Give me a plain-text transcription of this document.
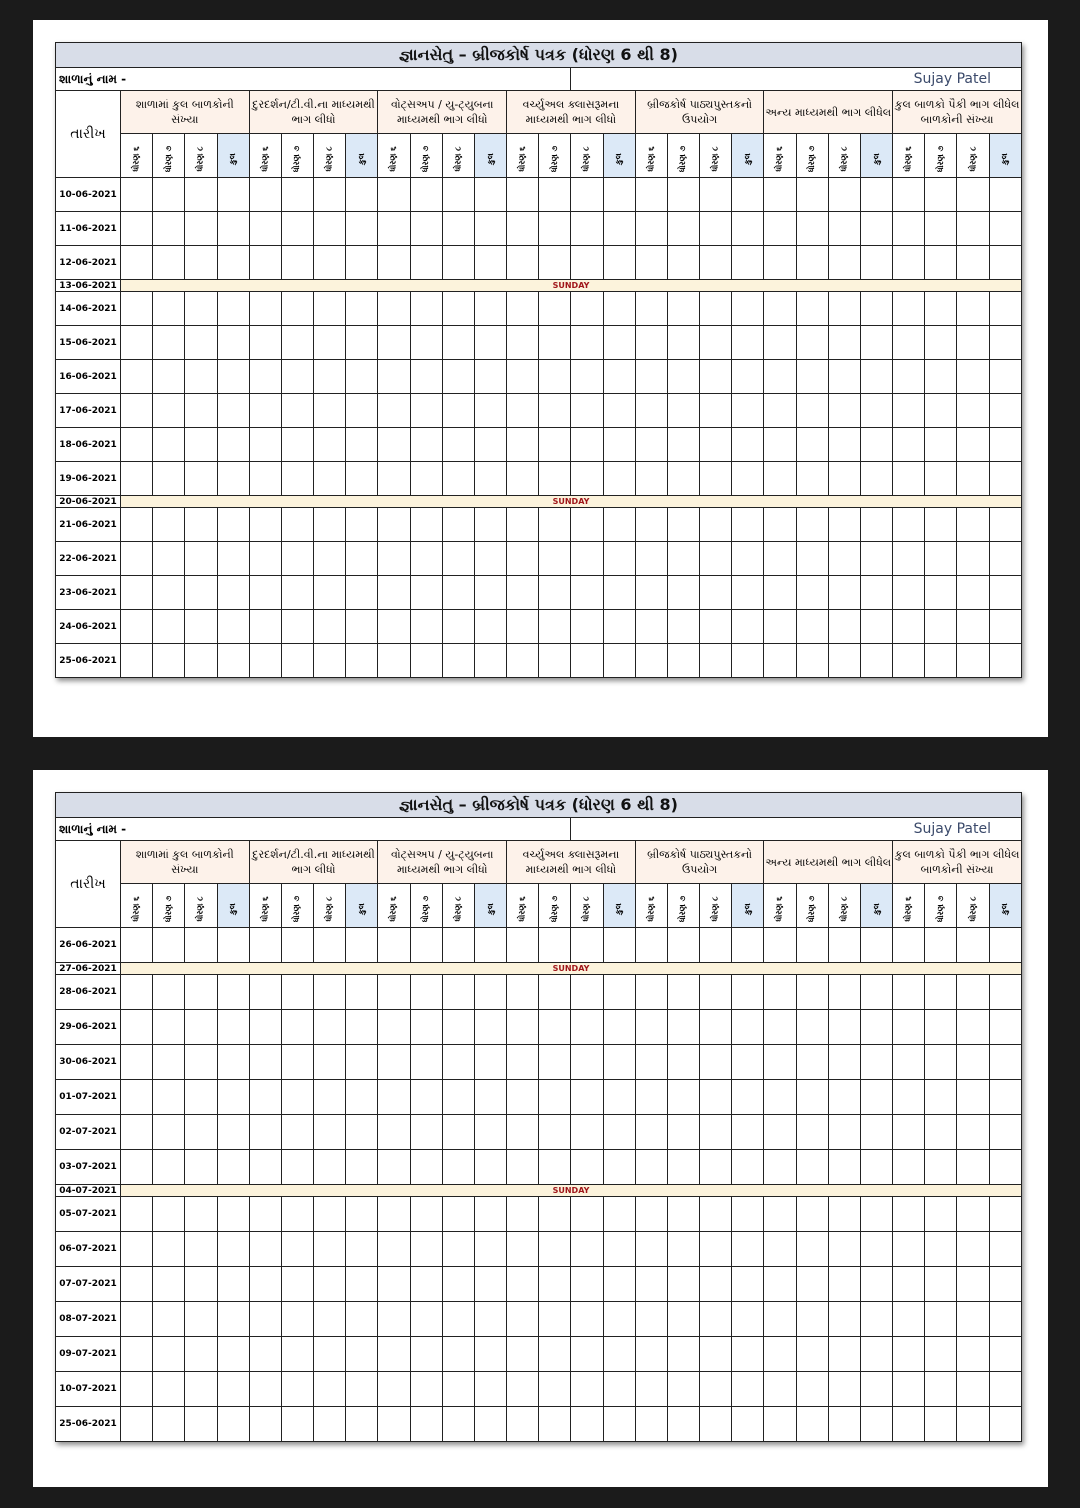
જ્ઞાનસેતુ – બ્રીજકોર્ષ પત્રક (ધોરણ 6 થી 8)																												
શાળાનું નામ -															Sujay Patel													
તારીખ	શાળામાં કુલ બાળકોની સંખ્યા				દુરદર્શન/ટી.વી.ના માધ્યમથી ભાગ લીધો				વોટ્સઅપ / યુ-ટ્યુબના માધ્યમથી ભાગ લીધો				વર્ચ્યુઅલ ક્લાસરૂમના માધ્યમથી ભાગ લીધો				બ્રીજકોર્ષ પાઠ્યપુસ્તકનો ઉપયોગ				અન્ય માધ્યમથી ભાગ લીધેલ				કુલ બાળકો પૈકી ભાગ લીધેલ બાળકોની સંખ્યા			
	ધોરણ ૬	ધોરણ ૭	ધોરણ ૮	કુલ	ધોરણ ૬	ધોરણ ૭	ધોરણ ૮	કુલ	ધોરણ ૬	ધોરણ ૭	ધોરણ ૮	કુલ	ધોરણ ૬	ધોરણ ૭	ધોરણ ૮	કુલ	ધોરણ ૬	ધોરણ ૭	ધોરણ ૮	કુલ	ધોરણ ૬	ધોરણ ૭	ધોરણ ૮	કુલ	ધોરણ ૬	ધોરણ ૭	ધોરણ ૮	કુલ
10-06-2021																												
11-06-2021																												
12-06-2021																												
13-06-2021	SUNDAY																											
14-06-2021																												
15-06-2021																												
16-06-2021																												
17-06-2021																												
18-06-2021																												
19-06-2021																												
20-06-2021	SUNDAY																											
21-06-2021																												
22-06-2021																												
23-06-2021																												
24-06-2021																												
25-06-2021																												
જ્ઞાનસેતુ – બ્રીજકોર્ષ પત્રક (ધોરણ 6 થી 8)																												
શાળાનું નામ -															Sujay Patel													
તારીખ	શાળામાં કુલ બાળકોની સંખ્યા				દુરદર્શન/ટી.વી.ના માધ્યમથી ભાગ લીધો				વોટ્સઅપ / યુ-ટ્યુબના માધ્યમથી ભાગ લીધો				વર્ચ્યુઅલ ક્લાસરૂમના માધ્યમથી ભાગ લીધો				બ્રીજકોર્ષ પાઠ્યપુસ્તકનો ઉપયોગ				અન્ય માધ્યમથી ભાગ લીધેલ				કુલ બાળકો પૈકી ભાગ લીધેલ બાળકોની સંખ્યા			
	ધોરણ ૬	ધોરણ ૭	ધોરણ ૮	કુલ	ધોરણ ૬	ધોરણ ૭	ધોરણ ૮	કુલ	ધોરણ ૬	ધોરણ ૭	ધોરણ ૮	કુલ	ધોરણ ૬	ધોરણ ૭	ધોરણ ૮	કુલ	ધોરણ ૬	ધોરણ ૭	ધોરણ ૮	કુલ	ધોરણ ૬	ધોરણ ૭	ધોરણ ૮	કુલ	ધોરણ ૬	ધોરણ ૭	ધોરણ ૮	કુલ
26-06-2021																												
27-06-2021	SUNDAY																											
28-06-2021																												
29-06-2021																												
30-06-2021																												
01-07-2021																												
02-07-2021																												
03-07-2021																												
04-07-2021	SUNDAY																											
05-07-2021																												
06-07-2021																												
07-07-2021																												
08-07-2021																												
09-07-2021																												
10-07-2021																												
25-06-2021																												
